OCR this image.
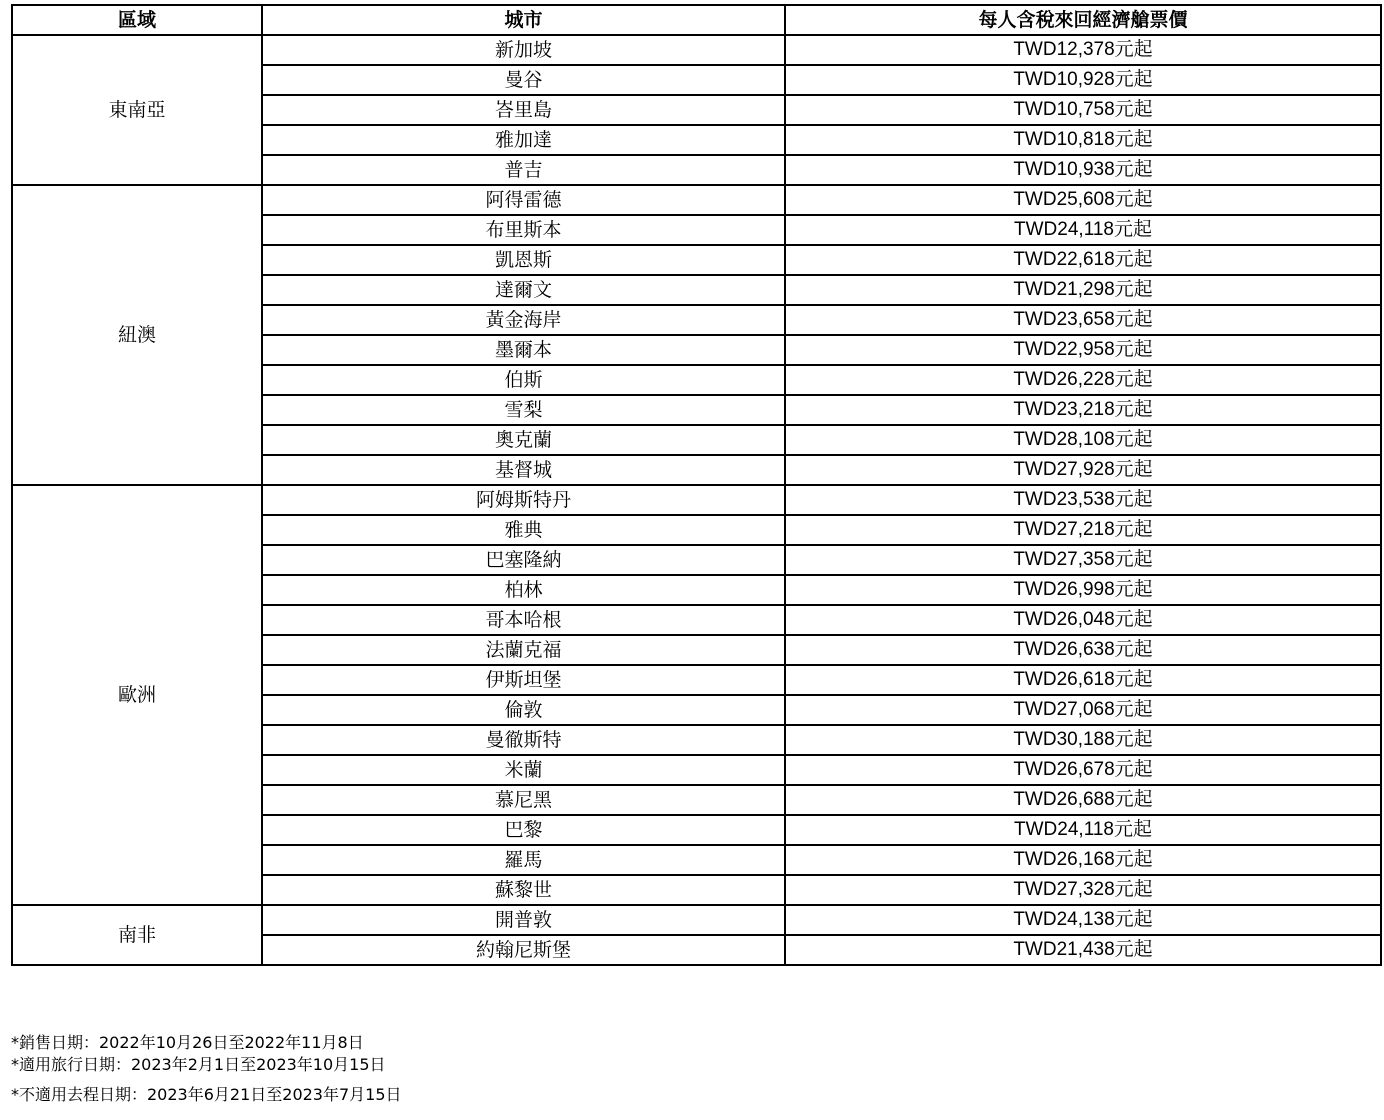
區域	城市	每人含稅來回經濟艙票價
東南亞	新加坡	TWD12,378元起
	曼谷	TWD10,928元起
	峇里島	TWD10,758元起
	雅加達	TWD10,818元起
	普吉	TWD10,938元起
紐澳	阿得雷德	TWD25,608元起
	布里斯本	TWD24,118元起
	凱恩斯	TWD22,618元起
	達爾文	TWD21,298元起
	黃金海岸	TWD23,658元起
	墨爾本	TWD22,958元起
	伯斯	TWD26,228元起
	雪梨	TWD23,218元起
	奧克蘭	TWD28,108元起
	基督城	TWD27,928元起
歐洲	阿姆斯特丹	TWD23,538元起
	雅典	TWD27,218元起
	巴塞隆納	TWD27,358元起
	柏林	TWD26,998元起
	哥本哈根	TWD26,048元起
	法蘭克福	TWD26,638元起
	伊斯坦堡	TWD26,618元起
	倫敦	TWD27,068元起
	曼徹斯特	TWD30,188元起
	米蘭	TWD26,678元起
	慕尼黑	TWD26,688元起
	巴黎	TWD24,118元起
	羅馬	TWD26,168元起
	蘇黎世	TWD27,328元起
南非	開普敦	TWD24,138元起
	約翰尼斯堡	TWD21,438元起
*銷售日期：2022年10月26日至2022年11月8日
*適用旅行日期：2023年2月1日至2023年10月15日
*不適用去程日期：2023年6月21日至2023年7月15日
